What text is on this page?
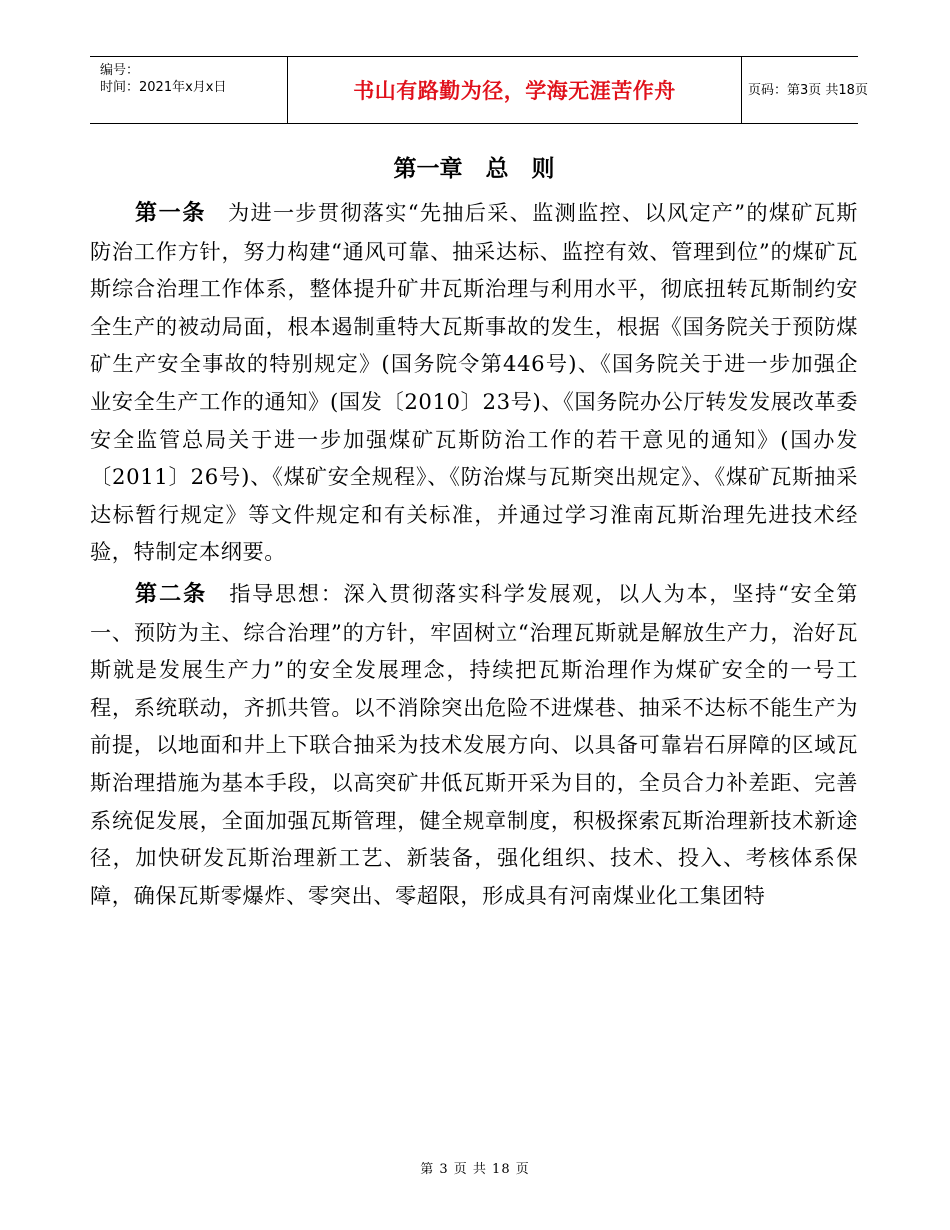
编号：
时间：2021年x月x日	书山有路勤为径，学海无涯苦作舟	页码：第3页 共18页
第一章　总　则

第一条 为进一步贯彻落实“先抽后采、监测监控、以风定产”的煤矿瓦斯防治工作方针，努力构建“通风可靠、抽采达标、监控有效、管理到位”的煤矿瓦斯综合治理工作体系，整体提升矿井瓦斯治理与利用水平，彻底扭转瓦斯制约安全生产的被动局面，根本遏制重特大瓦斯事故的发生，根据《国务院关于预防煤矿生产安全事故的特别规定》(国务院令第446号)、《国务院关于进一步加强企业安全生产工作的通知》(国发〔2010〕23号)、《国务院办公厅转发发展改革委安全监管总局关于进一步加强煤矿瓦斯防治工作的若干意见的通知》(国办发〔2011〕26号)、《煤矿安全规程》、《防治煤与瓦斯突出规定》、《煤矿瓦斯抽采达标暂行规定》等文件规定和有关标准，并通过学习淮南瓦斯治理先进技术经验，特制定本纲要。

第二条 指导思想：深入贯彻落实科学发展观，以人为本，坚持“安全第一、预防为主、综合治理”的方针，牢固树立“治理瓦斯就是解放生产力，治好瓦斯就是发展生产力”的安全发展理念，持续把瓦斯治理作为煤矿安全的一号工程，系统联动，齐抓共管。以不消除突出危险不进煤巷、抽采不达标不能生产为前提，以地面和井上下联合抽采为技术发展方向、以具备可靠岩石屏障的区域瓦斯治理措施为基本手段，以高突矿井低瓦斯开采为目的，全员合力补差距、完善系统促发展，全面加强瓦斯管理，健全规章制度，积极探索瓦斯治理新技术新途径，加快研发瓦斯治理新工艺、新装备，强化组织、技术、投入、考核体系保障，确保瓦斯零爆炸、零突出、零超限，形成具有河南煤业化工集团特

第 3 页 共 18 页
